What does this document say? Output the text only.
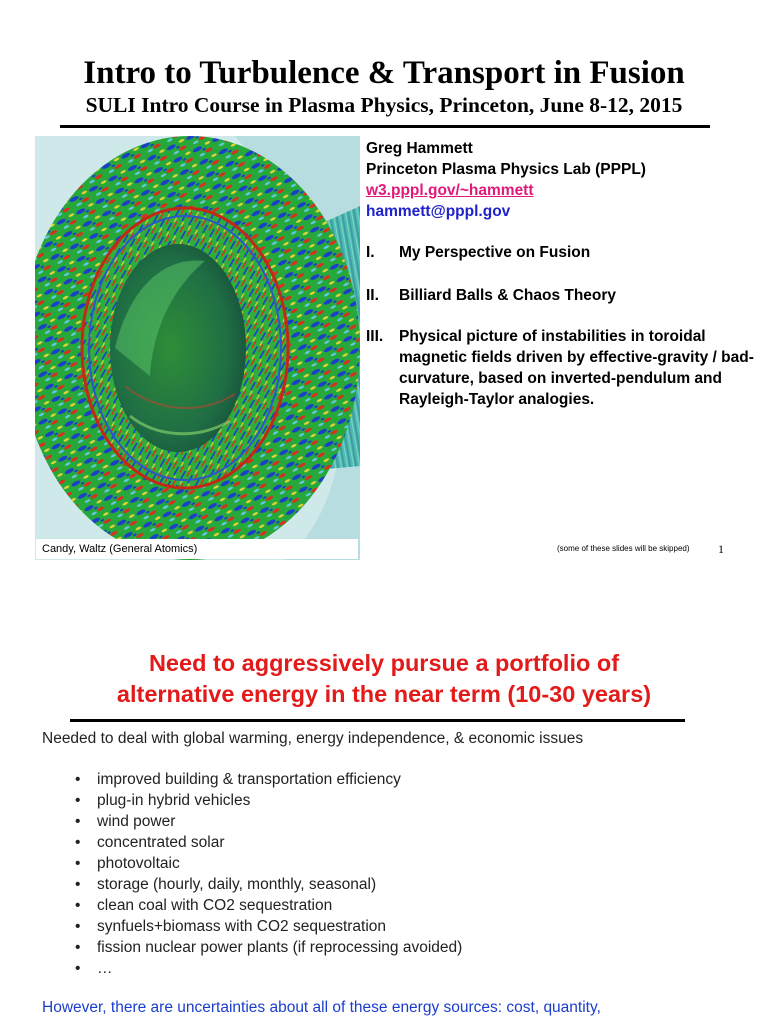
Intro to Turbulence & Transport in Fusion
SULI Intro Course in Plasma Physics, Princeton, June 8-12, 2015
Candy, Waltz (General Atomics)
Greg Hammett
Princeton Plasma Physics Lab (PPPL)
w3.pppl.gov/~hammett
hammett@pppl.gov
I. My Perspective on Fusion
II. Billiard Balls & Chaos Theory
III. Physical picture of instabilities in toroidal magnetic fields driven by effective-gravity / bad-curvature, based on inverted-pendulum and Rayleigh-Taylor analogies.
(some of these slides will be skipped) 1
Need to aggressively pursue a portfolio of
alternative energy in the near term (10-30 years)
Needed to deal with global warming, energy independence, & economic issues
• improved building & transportation efficiency
• plug-in hybrid vehicles
• wind power
• concentrated solar
• photovoltaic
• storage (hourly, daily, monthly, seasonal)
• clean coal with CO2 sequestration
• synfuels+biomass with CO2 sequestration
• fission nuclear power plants (if reprocessing avoided)
• …
However, there are uncertainties about all of these energy sources: cost, quantity,
